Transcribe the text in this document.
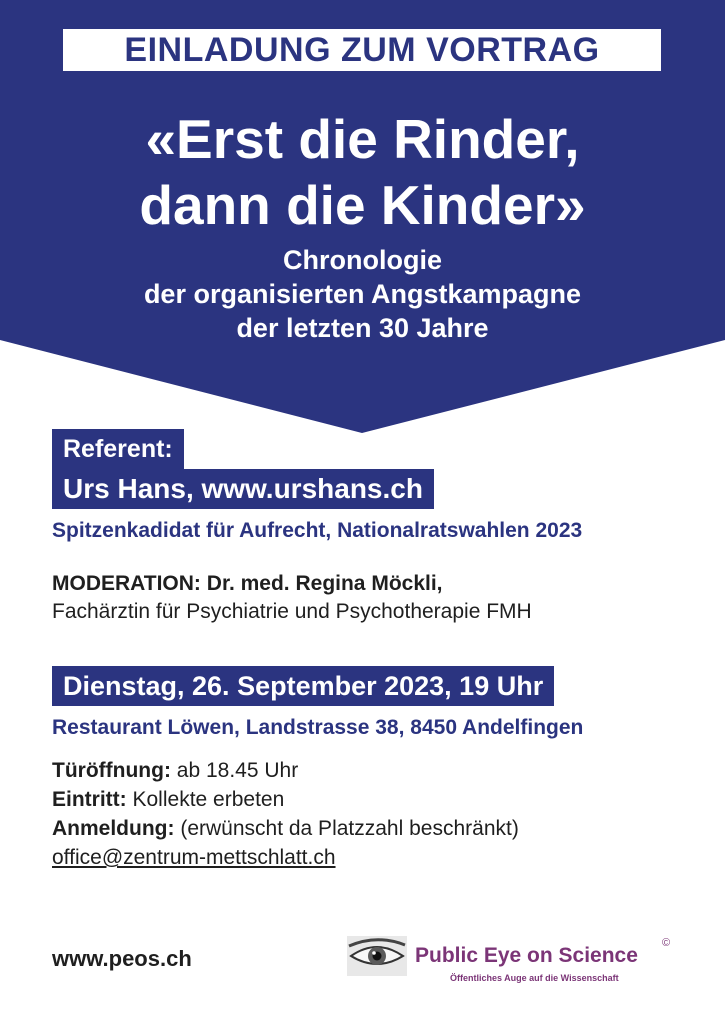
EINLADUNG ZUM VORTRAG
«Erst die Rinder,
dann die Kinder»
Chronologie
der organisierten Angstkampagne
der letzten 30 Jahre
Referent:
Urs Hans, www.urshans.ch
Spitzenkadidat für Aufrecht, Nationalratswahlen 2023
MODERATION: Dr. med. Regina Möckli,
Fachärztin für Psychiatrie und Psychotherapie FMH
Dienstag, 26. September 2023, 19 Uhr
Restaurant Löwen, Landstrasse 38, 8450 Andelfingen
Türöffnung: ab 18.45 Uhr
Eintritt: Kollekte erbeten
Anmeldung: (erwünscht da Platzzahl beschränkt)
office@zentrum-mettschlatt.ch
www.peos.ch	Public Eye on Science
©
Öffentliches Auge auf die Wissenschaft
